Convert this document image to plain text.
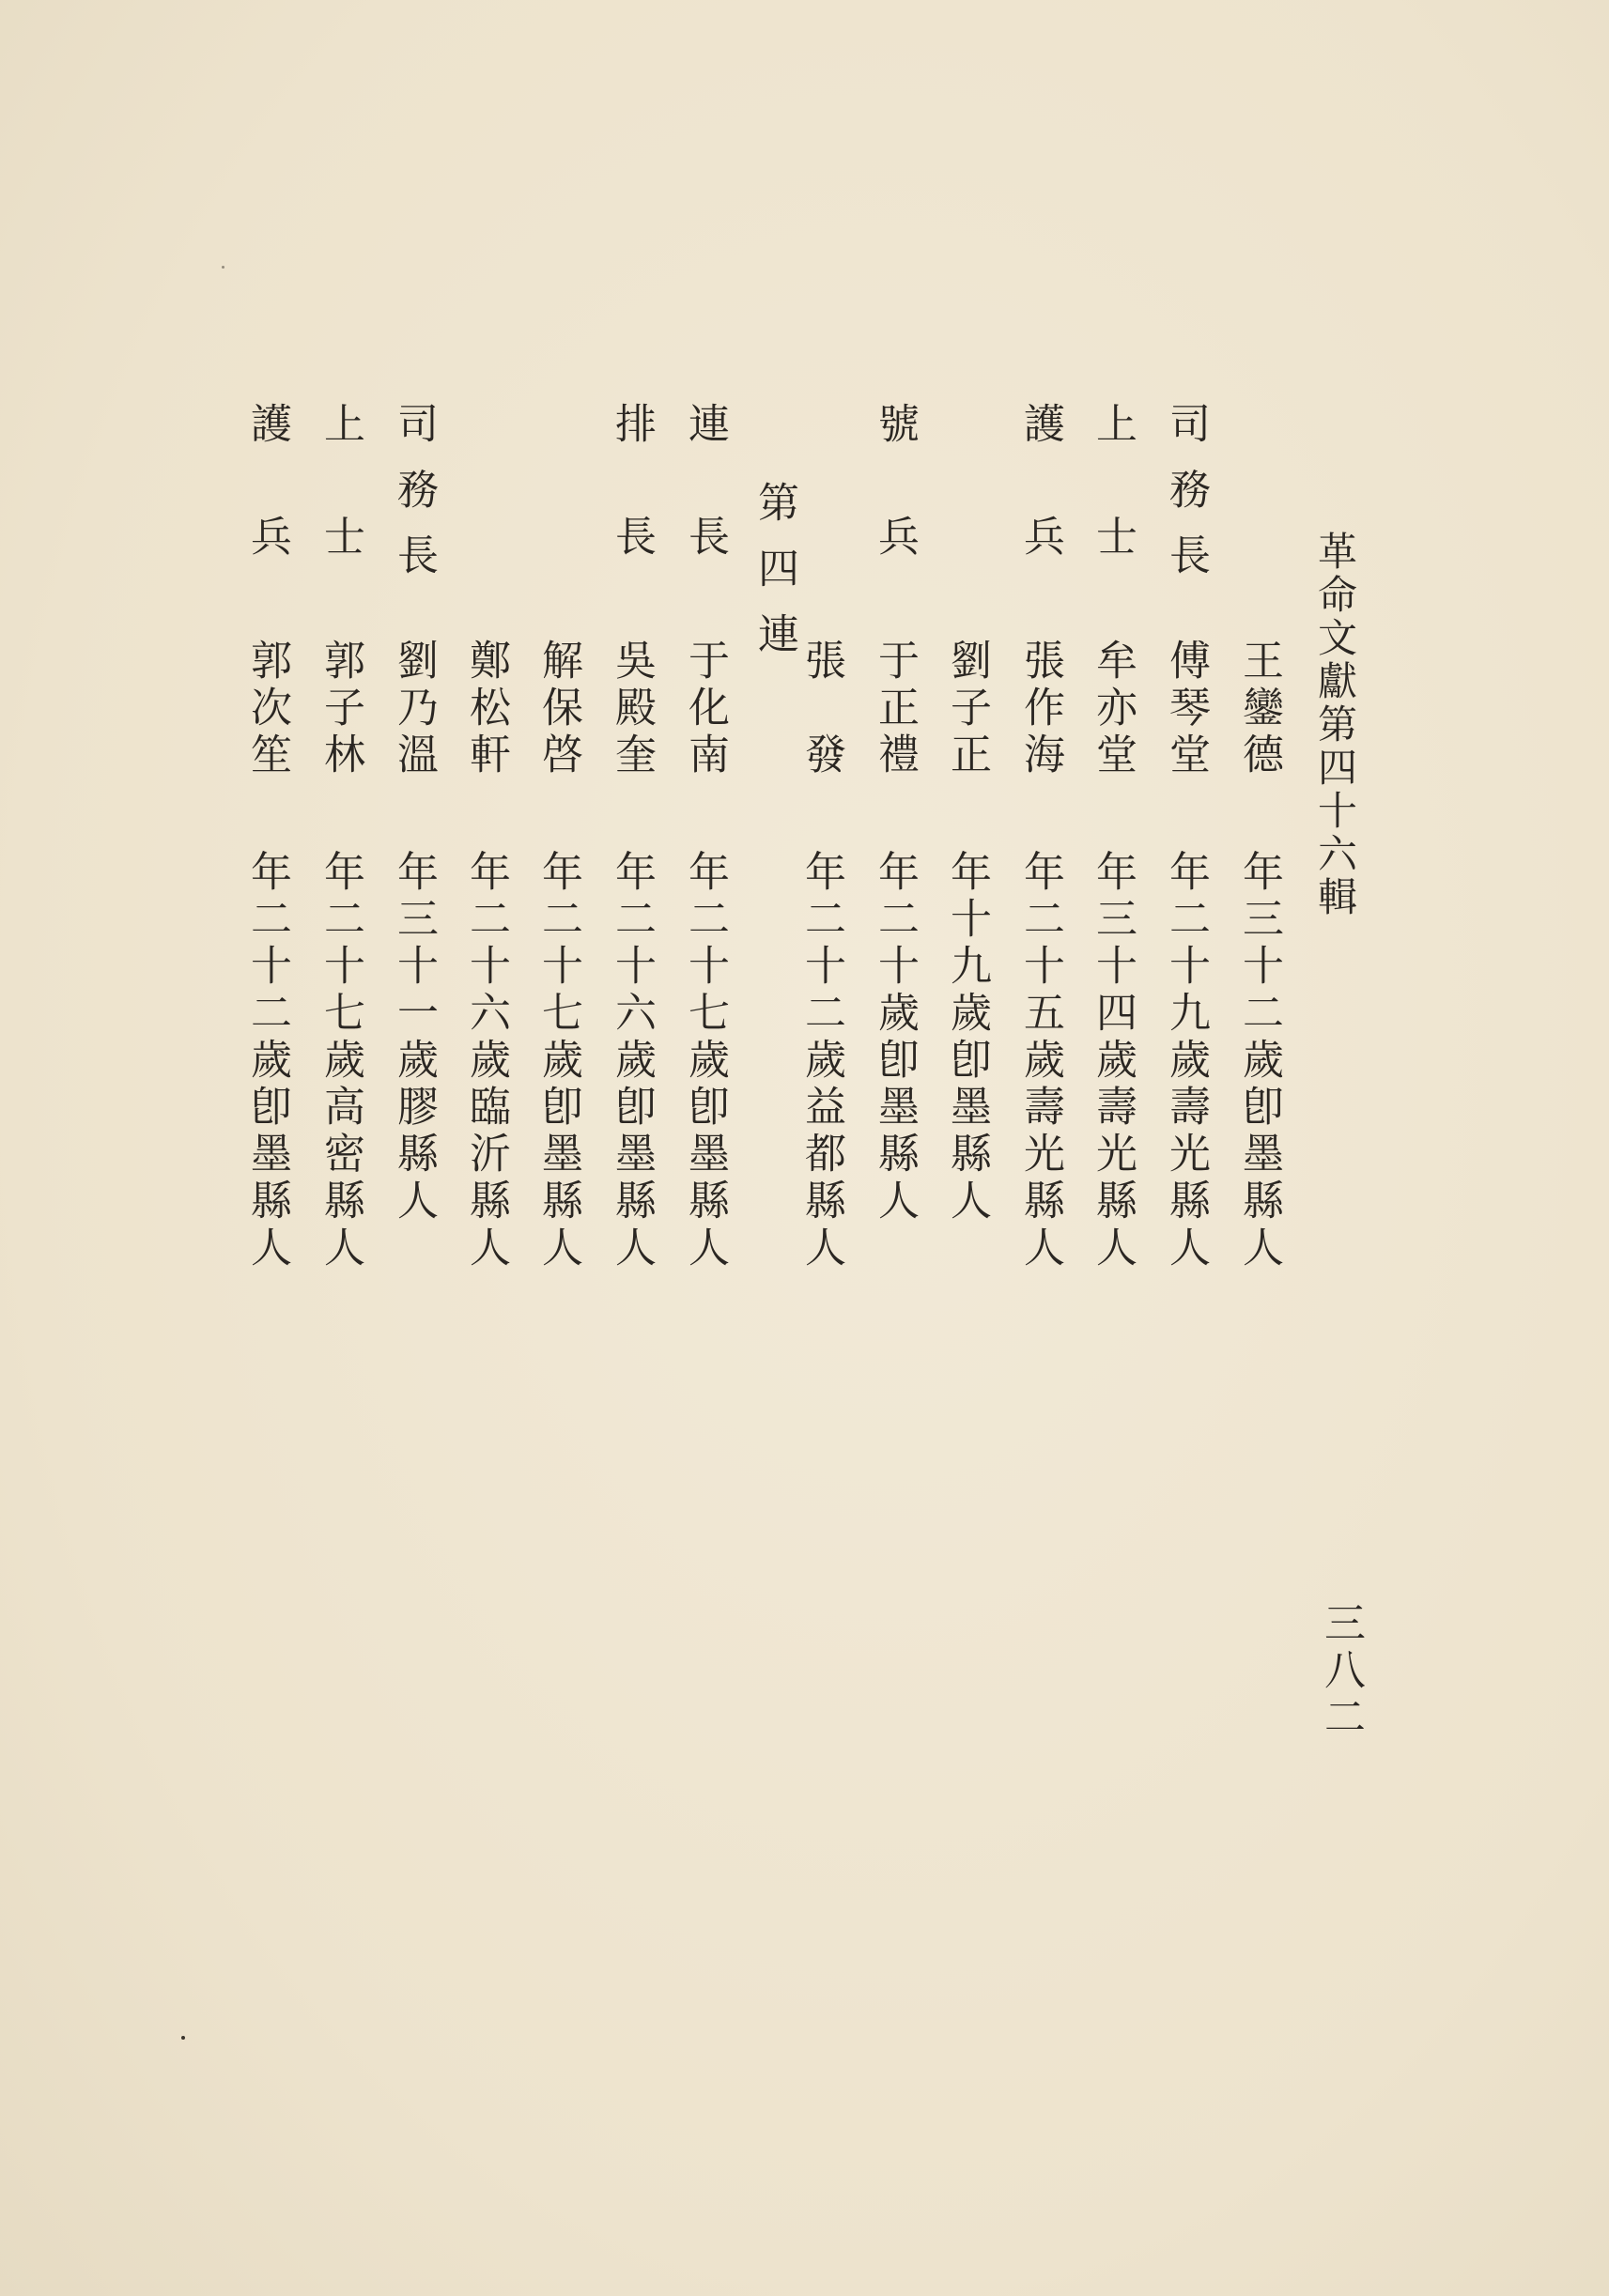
革命文獻第四十六輯
三八二
王鑾德
年三十二歲卽墨縣人
司務長
傅琴堂
年二十九歲壽光縣人
上士
牟亦堂
年三十四歲壽光縣人
護兵
張作海
年二十五歲壽光縣人
劉子正
年十九歲卽墨縣人
號兵
于正禮
年二十歲卽墨縣人
張　發
年二十二歲益都縣人
第四連
連長
于化南
年二十七歲卽墨縣人
排長
吳殿奎
年二十六歲卽墨縣人
解保啓
年二十七歲卽墨縣人
鄭松軒
年二十六歲臨沂縣人
司務長
劉乃溫
年三十一歲膠縣人
上士
郭子林
年二十七歲高密縣人
護兵
郭次笙
年二十二歲卽墨縣人
